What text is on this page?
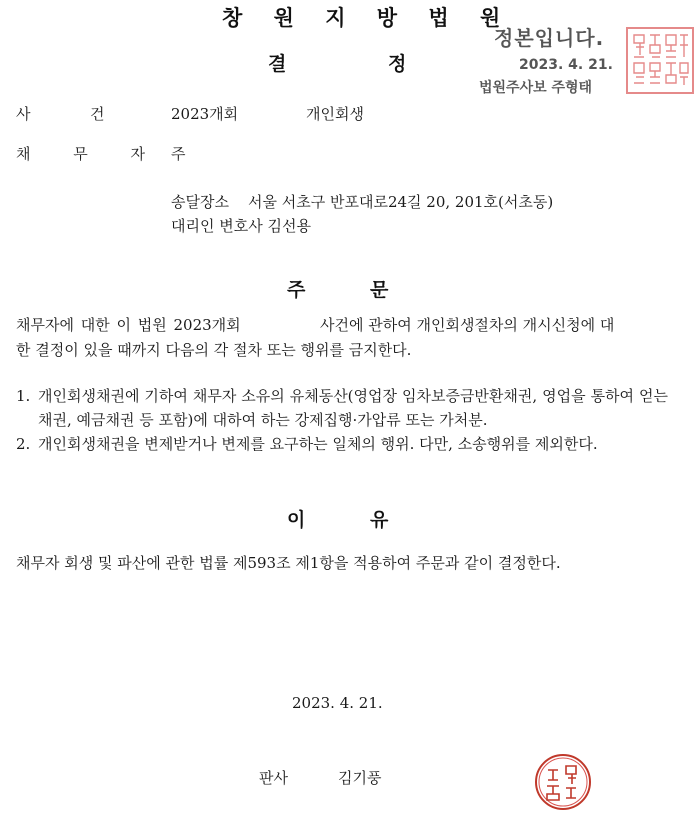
창 원 지 방 법 원
결	정
정본입니다.
2023. 4. 21.
법원주사보 주형태
사	건	2023개회	개인회생
채 무 자 주
송달장소 서울 서초구 반포대로24길 20, 201호(서초동)
대리인 변호사 김선용
주	문
채무자에 대한 이 법원 2023개회	사건에 관하여 개인회생절차의 개시신청에 대
한 결정이 있을 때까지 다음의 각 절차 또는 행위를 금지한다.
1. 개인회생채권에 기하여 채무자 소유의 유체동산(영업장 임차보증금반환채권, 영업을 통하여 얻는 채권, 예금채권 등 포함)에 대하여 하는 강제집행·가압류 또는 가처분.
2. 개인회생채권을 변제받거나 변제를 요구하는 일체의 행위. 다만, 소송행위를 제외한다.
이	유
채무자 회생 및 파산에 관한 법률 제593조 제1항을 적용하여 주문과 같이 결정한다.
2023. 4. 21.
판사	김기풍
